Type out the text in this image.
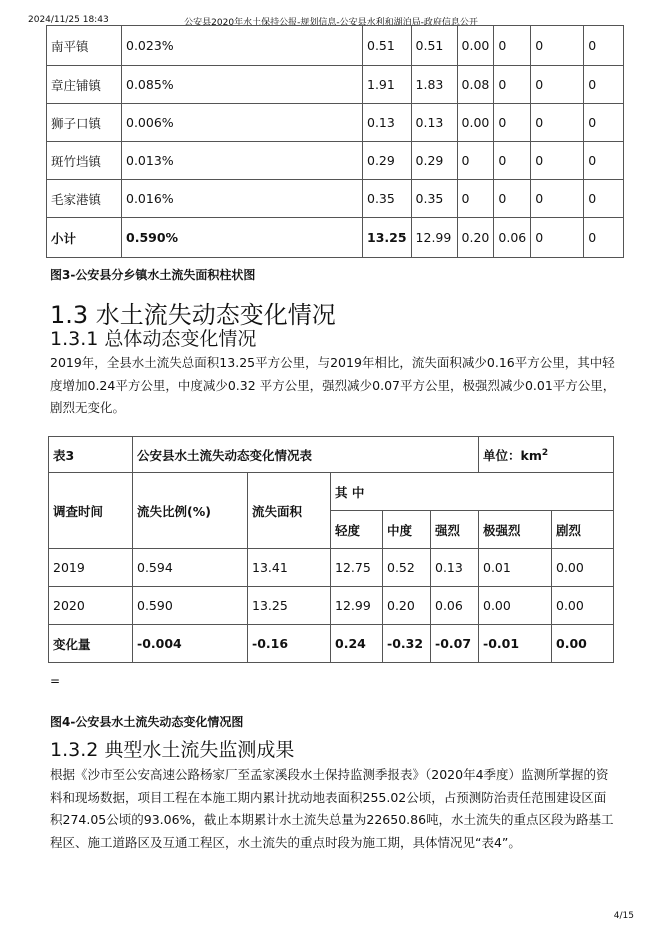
2024/11/25 18:43	公安县2020年水土保持公报-规划信息-公安县水利和湖泊局-政府信息公开
南平镇	0.023%	0.51	0.51	0.00	0	0	0
章庄铺镇	0.085%	1.91	1.83	0.08	0	0	0
狮子口镇	0.006%	0.13	0.13	0.00	0	0	0
斑竹垱镇	0.013%	0.29	0.29	0	0	0	0
毛家港镇	0.016%	0.35	0.35	0	0	0	0
小计	0.590%	13.25	12.99	0.20	0.06	0	0
图3-公安县分乡镇水土流失面积柱状图
1.3 水土流失动态变化情况
1.3.1 总体动态变化情况
2019年，全县水土流失总面积13.25平方公里，与2019年相比，流失面积减少0.16平方公里，其中轻度增加0.24平方公里，中度减少0.32 平方公里，强烈减少0.07平方公里，极强烈减少0.01平方公里，剧烈无变化。
表3	公安县水土流失动态变化情况表					单位：$km^2$
调查时间	流失比例(%)	流失面积	其 中				
			轻度	中度	强烈	极强烈	剧烈
2019	0.594	13.41	12.75	0.52	0.13	0.01	0.00
2020	0.590	13.25	12.99	0.20	0.06	0.00	0.00
变化量	-0.004	-0.16	0.24	-0.32	-0.07	-0.01	0.00
=
图4-公安县水土流失动态变化情况图
1.3.2 典型水土流失监测成果
根据《沙市至公安高速公路杨家厂至孟家溪段水土保持监测季报表》（2020年4季度）监测所掌握的资料和现场数据，项目工程在本施工期内累计扰动地表面积255.02公顷，占预测防治责任范围建设区面积274.05公顷的93.06%，截止本期累计水土流失总量为22650.86吨，水土流失的重点区段为路基工程区、施工道路区及互通工程区，水土流失的重点时段为施工期，具体情况见“表4”。
4/15
